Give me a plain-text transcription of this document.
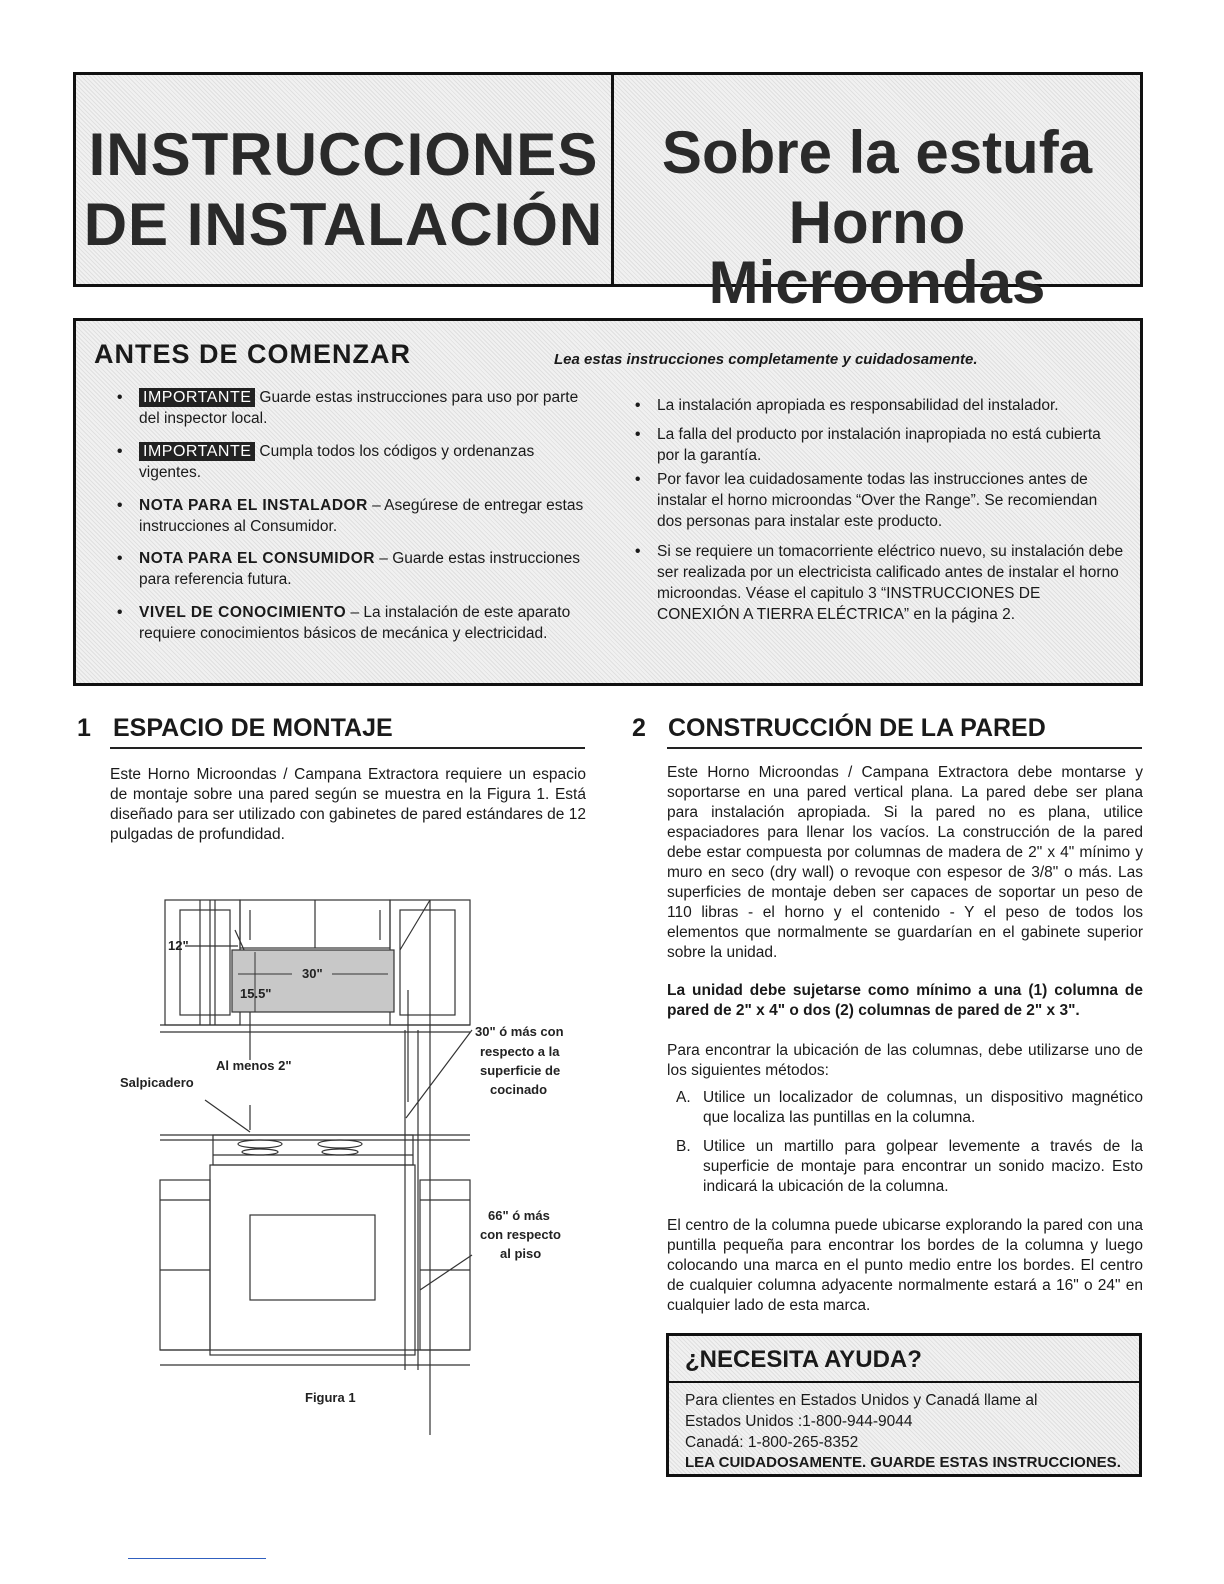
INSTRUCCIONES
DE INSTALACIÓN
Sobre la estufa
Horno Microondas
ANTES DE COMENZAR	Lea estas instrucciones completamente y cuidadosamente.
• IMPORTANTE Guarde estas instrucciones para uso por parte del inspector local.
• IMPORTANTE Cumpla todos los códigos y ordenanzas vigentes.
• NOTA PARA EL INSTALADOR – Asegúrese de entregar estas instrucciones al Consumidor.
• NOTA PARA EL CONSUMIDOR – Guarde estas instrucciones para referencia futura.
• VIVEL DE CONOCIMIENTO – La instalación de este aparato requiere conocimientos básicos de mecánica y electricidad.
• La instalación apropiada es responsabilidad del instalador.
• La falla del producto por instalación inapropiada no está cubierta por la garantía.
• Por favor lea cuidadosamente todas las instrucciones antes de instalar el horno microondas “Over the Range”. Se recomiendan dos personas para instalar este producto.
• Si se requiere un tomacorriente eléctrico nuevo, su instalación debe ser realizada por un electricista calificado antes de instalar el horno microondas. Véase el capitulo 3 “INSTRUCCIONES DE CONEXIÓN A TIERRA ELÉCTRICA” en la página 2.
1 ESPACIO DE MONTAJE
Este Horno Microondas / Campana Extractora requiere un espacio de montaje sobre una pared según se muestra en la Figura 1. Está diseñado para ser utilizado con gabinetes de pared estándares de 12 pulgadas de profundidad.
12"
30"
15.5"
Al menos 2"
Salpicadero
30" ó más con
respecto a la
superficie de
cocinado
66" ó más
con respecto
al piso
Figura 1
2 CONSTRUCCIÓN DE LA PARED
Este Horno Microondas / Campana Extractora debe montarse y soportarse en una pared vertical plana. La pared debe ser plana para instalación apropiada. Si la pared no es plana, utilice espaciadores para llenar los vacíos. La construcción de la pared debe estar compuesta por columnas de madera de 2" x 4" mínimo y muro en seco (dry wall) o revoque con espesor de 3/8" o más. Las superficies de montaje deben ser capaces de soportar un peso de 110 libras - el horno y el contenido - Y el peso de todos los elementos que normalmente se guardarían en el gabinete superior sobre la unidad.
La unidad debe sujetarse como mínimo a una (1) columna de pared de 2" x 4" o dos (2) columnas de pared de 2" x 3".
Para encontrar la ubicación de las columnas, debe utilizarse uno de los siguientes métodos:
A. Utilice un localizador de columnas, un dispositivo magnético que localiza las puntillas en la columna.
B. Utilice un martillo para golpear levemente a través de la superficie de montaje para encontrar un sonido macizo. Esto indicará la ubicación de la columna.
El centro de la columna puede ubicarse explorando la pared con una puntilla pequeña para encontrar los bordes de la columna y luego colocando una marca en el punto medio entre los bordes. El centro de cualquier columna adyacente normalmente estará a 16" o 24" en cualquier lado de esta marca.
¿NECESITA AYUDA?
Para clientes en Estados Unidos y Canadá llame al
Estados Unidos :1-800-944-9044
Canadá: 1-800-265-8352
LEA CUIDADOSAMENTE. GUARDE ESTAS INSTRUCCIONES.
